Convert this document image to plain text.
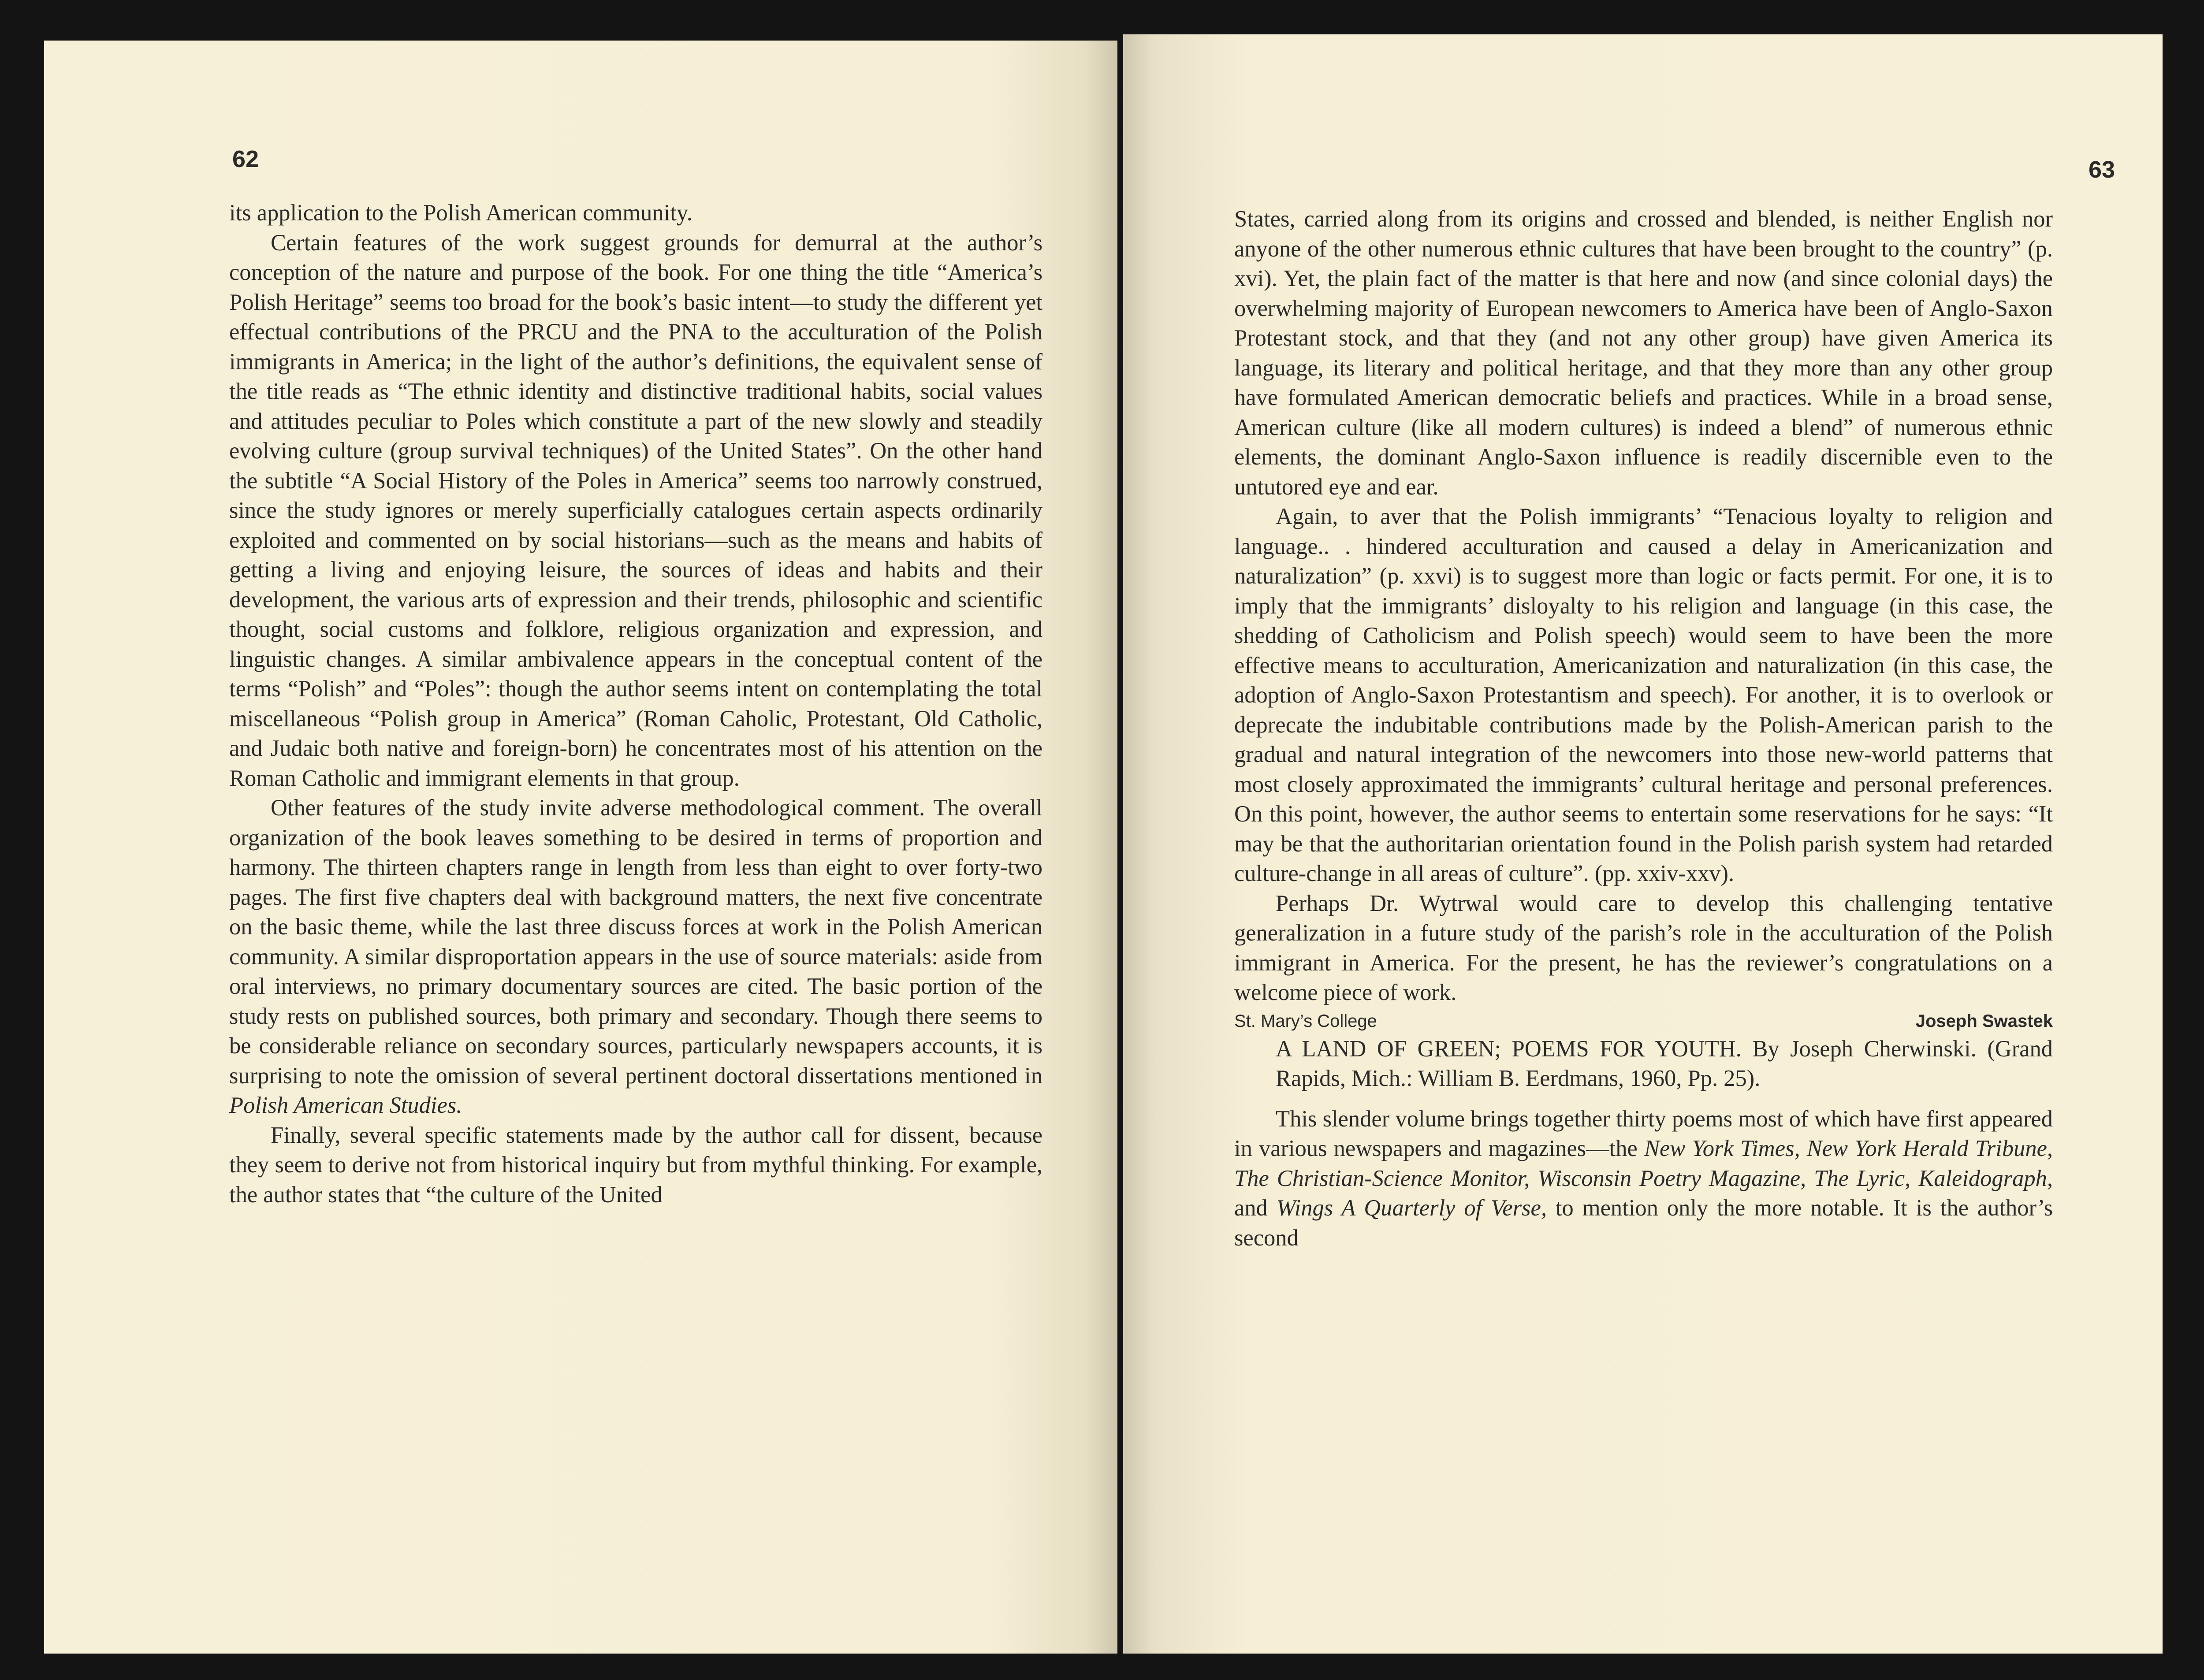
62

its application to the Polish American community.

Certain features of the work suggest grounds for demurral at the author’s conception of the nature and purpose of the book. For one thing the title “America’s Polish Heritage” seems too broad for the book’s basic intent—to study the different yet effectual contributions of the PRCU and the PNA to the acculturation of the Polish immigrants in America; in the light of the author’s definitions, the equivalent sense of the title reads as “The ethnic identity and distinctive traditional habits, social values and attitudes peculiar to Poles which constitute a part of the new slowly and steadily evolving culture (group survival techniques) of the United States”. On the other hand the subtitle “A Social History of the Poles in America” seems too narrowly construed, since the study ignores or merely superficially catalogues certain aspects ordinarily exploited and commented on by social historians—such as the means and habits of getting a living and enjoying leisure, the sources of ideas and habits and their development, the various arts of expression and their trends, philosophic and scientific thought, social customs and folklore, religious organization and expression, and linguistic changes. A similar ambivalence appears in the conceptual content of the terms “Polish” and “Poles”: though the author seems intent on contemplating the total miscellaneous “Polish group in America” (Roman Caholic, Protestant, Old Catholic, and Judaic both native and foreign-born) he concentrates most of his attention on the Roman Catholic and immigrant elements in that group.

Other features of the study invite adverse methodological comment. The overall organization of the book leaves something to be desired in terms of proportion and harmony. The thirteen chapters range in length from less than eight to over forty-two pages. The first five chapters deal with background matters, the next five concentrate on the basic theme, while the last three discuss forces at work in the Polish American community. A similar disproportation appears in the use of source materials: aside from oral interviews, no primary documentary sources are cited. The basic portion of the study rests on published sources, both primary and secondary. Though there seems to be considerable reliance on secondary sources, particularly newspapers accounts, it is surprising to note the omission of several pertinent doctoral dissertations mentioned in Polish American Studies.

Finally, several specific statements made by the author call for dissent, because they seem to derive not from historical inquiry but from mythful thinking. For example, the author states that “the culture of the United

63

States, carried along from its origins and crossed and blended, is neither English nor anyone of the other numerous ethnic cultures that have been brought to the country” (p. xvi). Yet, the plain fact of the matter is that here and now (and since colonial days) the overwhelming majority of European newcomers to America have been of Anglo-Saxon Protestant stock, and that they (and not any other group) have given America its language, its literary and political heritage, and that they more than any other group have formulated American democratic beliefs and practices. While in a broad sense, American culture (like all modern cultures) is indeed a blend” of numerous ethnic elements, the dominant Anglo-Saxon influence is readily discernible even to the untutored eye and ear.

Again, to aver that the Polish immigrants’ “Tenacious loyalty to religion and language.. . hindered acculturation and caused a delay in Americanization and naturalization” (p. xxvi) is to suggest more than logic or facts permit. For one, it is to imply that the immigrants’ disloyalty to his religion and language (in this case, the shedding of Catholicism and Polish speech) would seem to have been the more effective means to acculturation, Americanization and naturalization (in this case, the adoption of Anglo-Saxon Protestantism and speech). For another, it is to overlook or deprecate the indubitable contributions made by the Polish-American parish to the gradual and natural integration of the newcomers into those new-world patterns that most closely approximated the immigrants’ cultural heritage and personal preferences. On this point, however, the author seems to entertain some reservations for he says: “It may be that the authoritarian orientation found in the Polish parish system had retarded culture-change in all areas of culture”. (pp. xxiv-xxv).

Perhaps Dr. Wytrwal would care to develop this challenging tentative generalization in a future study of the parish’s role in the acculturation of the Polish immigrant in America. For the present, he has the reviewer’s congratulations on a welcome piece of work.

St. Mary’s College	Joseph Swastek

A LAND OF GREEN; POEMS FOR YOUTH. By Joseph Cherwinski. (Grand Rapids, Mich.: William B. Eerdmans, 1960, Pp. 25).

This slender volume brings together thirty poems most of which have first appeared in various newspapers and magazines—the New York Times, New York Herald Tribune, The Christian-Science Monitor, Wisconsin Poetry Magazine, The Lyric, Kaleidograph, and Wings A Quarterly of Verse, to mention only the more notable. It is the author’s second
